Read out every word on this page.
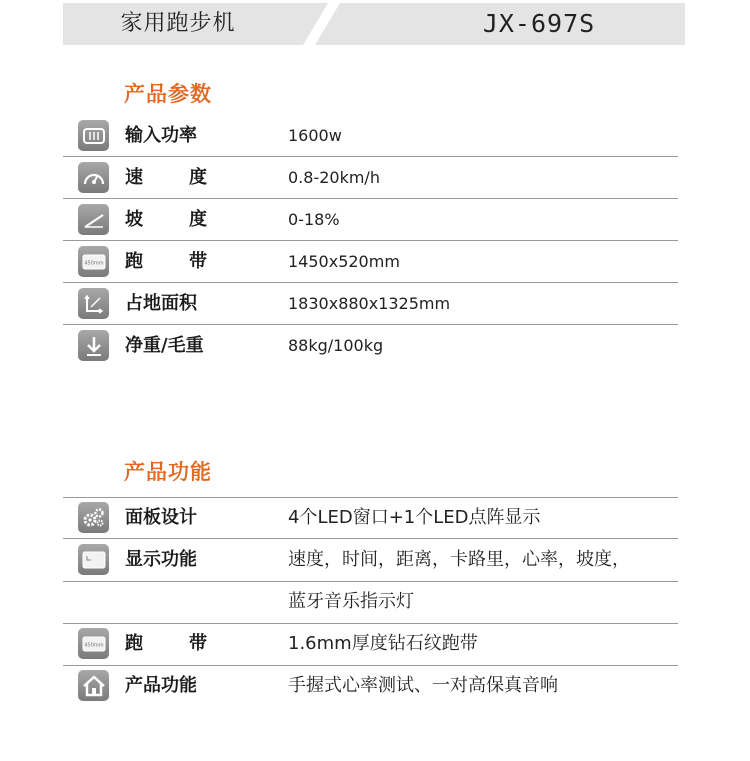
家用跑步机	JX-697S
产品参数
输入功率	1600w
速	度	0.8-20km/h
坡	度	0-18%
450mm 跑	带	1450x520mm
占地面积	1830x880x1325mm
净重/毛重	88kg/100kg
产品功能
面板设计	4个LED窗口+1个LED点阵显示
显示功能	速度，时间，距离，卡路里，心率，坡度，
蓝牙音乐指示灯
450mm 跑	带	1.6mm厚度钻石纹跑带
产品功能	手握式心率测试、一对高保真音响
